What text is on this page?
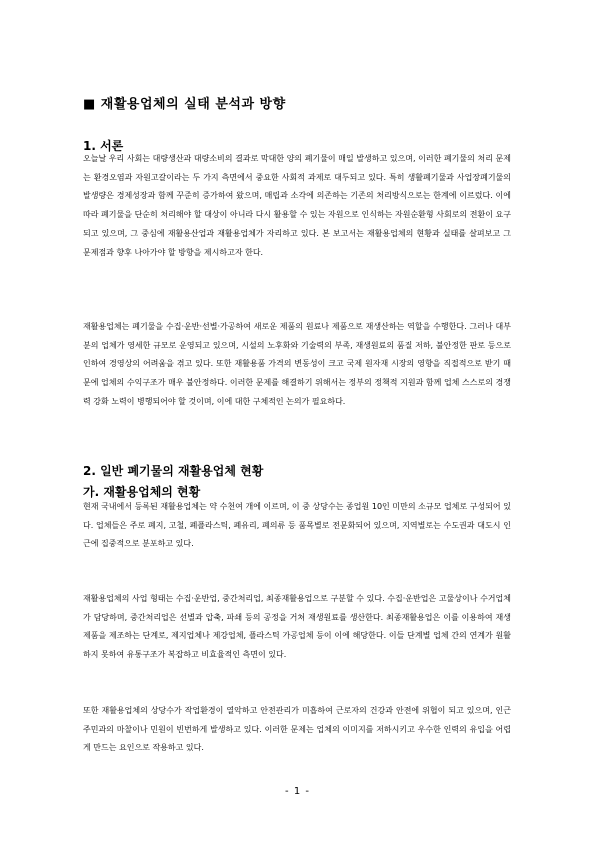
■ 재활용업체의 실태 분석과 방향
1. 서론

오늘날 우리 사회는 대량생산과 대량소비의 결과로 막대한 양의 폐기물이 매일 발생하고 있으며, 이러한 폐기물의 처리 문제는 환경오염과 자원고갈이라는 두 가지 측면에서 중요한 사회적 과제로 대두되고 있다. 특히 생활폐기물과 사업장폐기물의 발생량은 경제성장과 함께 꾸준히 증가하여 왔으며, 매립과 소각에 의존하는 기존의 처리방식으로는 한계에 이르렀다. 이에 따라 폐기물을 단순히 처리해야 할 대상이 아니라 다시 활용할 수 있는 자원으로 인식하는 자원순환형 사회로의 전환이 요구되고 있으며, 그 중심에 재활용산업과 재활용업체가 자리하고 있다. 본 보고서는 재활용업체의 현황과 실태를 살펴보고 그 문제점과 향후 나아가야 할 방향을 제시하고자 한다.

재활용업체는 폐기물을 수집·운반·선별·가공하여 새로운 제품의 원료나 제품으로 재생산하는 역할을 수행한다. 그러나 대부분의 업체가 영세한 규모로 운영되고 있으며, 시설의 노후화와 기술력의 부족, 재생원료의 품질 저하, 불안정한 판로 등으로 인하여 경영상의 어려움을 겪고 있다. 또한 재활용품 가격의 변동성이 크고 국제 원자재 시장의 영향을 직접적으로 받기 때문에 업체의 수익구조가 매우 불안정하다. 이러한 문제를 해결하기 위해서는 정부의 정책적 지원과 함께 업체 스스로의 경쟁력 강화 노력이 병행되어야 할 것이며, 이에 대한 구체적인 논의가 필요하다.

2. 일반 폐기물의 재활용업체 현황
가. 재활용업체의 현황

현재 국내에서 등록된 재활용업체는 약 수천여 개에 이르며, 이 중 상당수는 종업원 10인 미만의 소규모 업체로 구성되어 있다. 업체들은 주로 폐지, 고철, 폐플라스틱, 폐유리, 폐의류 등 품목별로 전문화되어 있으며, 지역별로는 수도권과 대도시 인근에 집중적으로 분포하고 있다.

재활용업체의 사업 형태는 수집·운반업, 중간처리업, 최종재활용업으로 구분할 수 있다. 수집·운반업은 고물상이나 수거업체가 담당하며, 중간처리업은 선별과 압축, 파쇄 등의 공정을 거쳐 재생원료를 생산한다. 최종재활용업은 이를 이용하여 재생제품을 제조하는 단계로, 제지업체나 제강업체, 플라스틱 가공업체 등이 이에 해당한다. 이들 단계별 업체 간의 연계가 원활하지 못하여 유통구조가 복잡하고 비효율적인 측면이 있다.

또한 재활용업체의 상당수가 작업환경이 열악하고 안전관리가 미흡하여 근로자의 건강과 안전에 위협이 되고 있으며, 인근 주민과의 마찰이나 민원이 빈번하게 발생하고 있다. 이러한 문제는 업체의 이미지를 저하시키고 우수한 인력의 유입을 어렵게 만드는 요인으로 작용하고 있다.

- 1 -
